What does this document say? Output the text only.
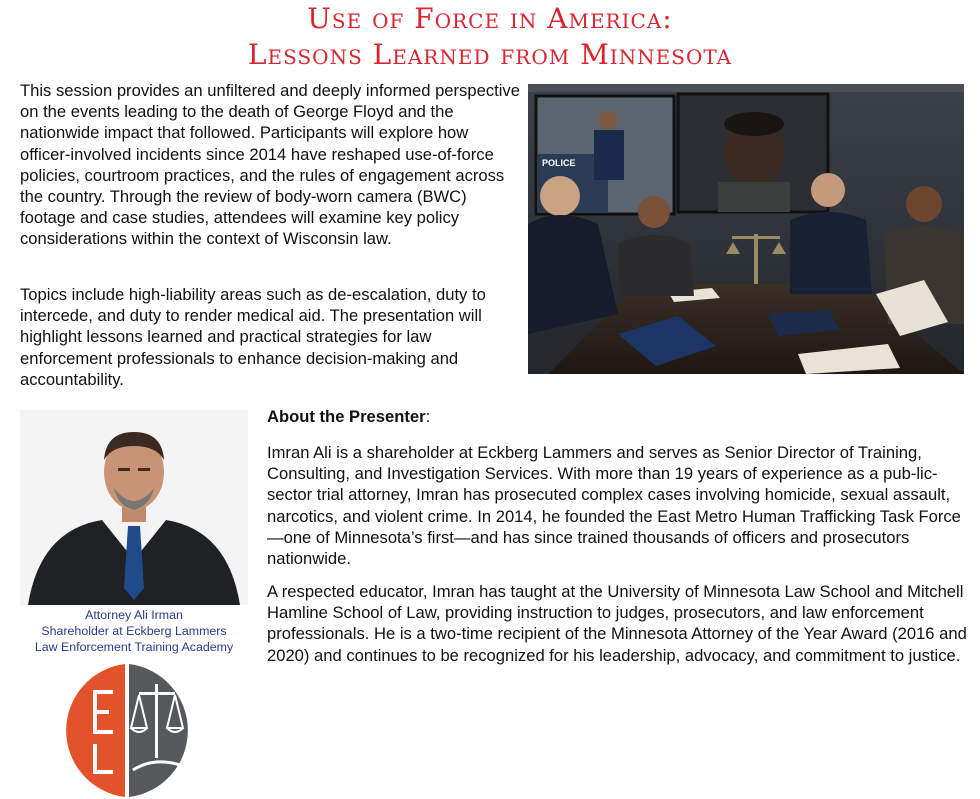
Use of Force in America:
Lessons Learned from Minnesota

This session provides an unfiltered and deeply informed perspective on the events leading to the death of George Floyd and the nationwide impact that followed. Participants will explore how officer-involved incidents since 2014 have reshaped use-of-force policies, courtroom practices, and the rules of engagement across the country. Through the review of body-worn camera (BWC) footage and case studies, attendees will examine key policy considerations within the context of Wisconsin law.

Topics include high-liability areas such as de-escalation, duty to intercede, and duty to render medical aid. The presentation will highlight lessons learned and practical strategies for law enforcement professionals to enhance decision-making and accountability.

POLICE
Attorney Ali Irman
Shareholder at Eckberg Lammers
Law Enforcement Training Academy
EL
About the Presenter:

Imran Ali is a shareholder at Eckberg Lammers and serves as Senior Director of Training, Consulting, and Investigation Services. With more than 19 years of experience as a pub-lic-sector trial attorney, Imran has prosecuted complex cases involving homicide, sexual assault, narcotics, and violent crime. In 2014, he founded the East Metro Human Trafficking Task Force—one of Minnesota’s first—and has since trained thousands of officers and prosecutors nationwide.

A respected educator, Imran has taught at the University of Minnesota Law School and Mitchell Hamline School of Law, providing instruction to judges, prosecutors, and law enforcement professionals. He is a two-time recipient of the Minnesota Attorney of the Year Award (2016 and 2020) and continues to be recognized for his leadership, advocacy, and commitment to justice.
